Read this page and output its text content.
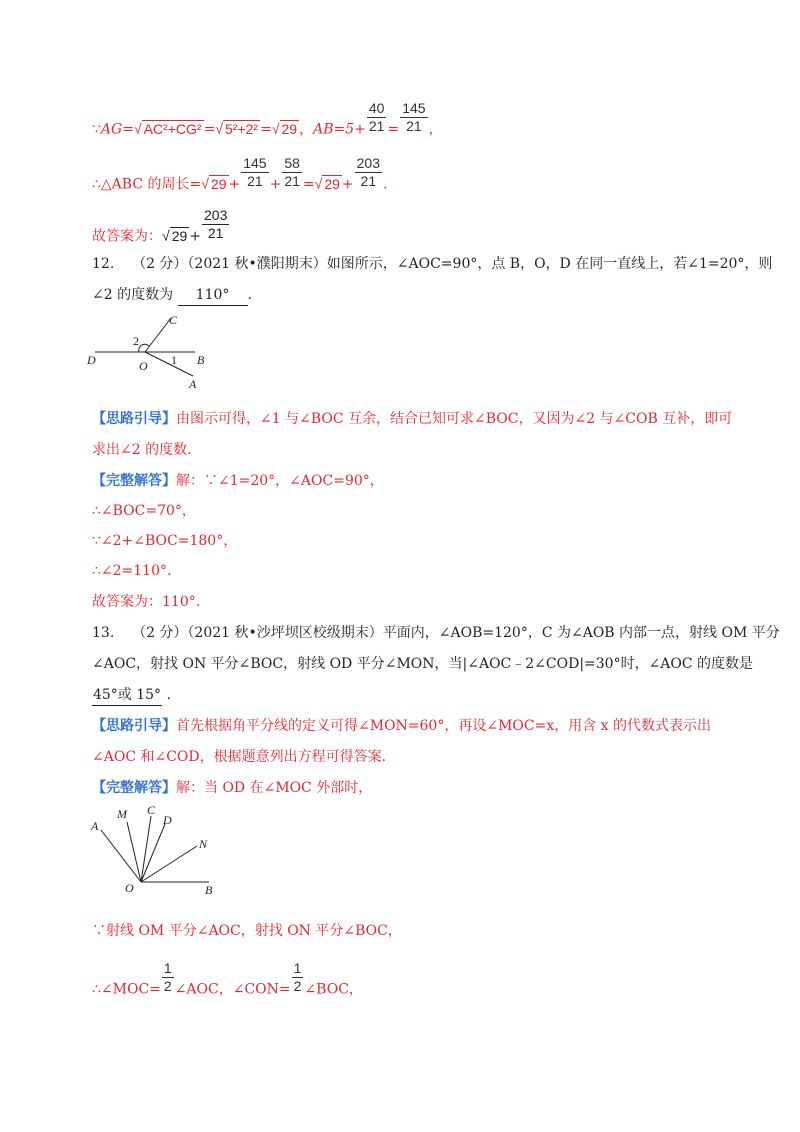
∵AG=√ AC²+CG² =√ 5²+2² =√ 29 ，$AB=5+ \frac{40}{21} = \frac{145}{21}$ ，
∴△ABC 的周长=√ $29 + \frac{145}{21} + \frac{58}{21}$ =√ $29 + \frac{203}{21}$ .
故答案为：√ $29 + \frac{203}{21}$
12. （2 分）（2021 秋•濮阳期末）如图所示，∠AOC=90°，点 B，O，D 在同一直线上，若∠1=20°，则
∠2 的度数为 110° .
C
2
D	O 1 B
A
【思路引导】由图示可得，∠1 与∠BOC 互余，结合已知可求∠BOC，又因为∠2 与∠COB 互补，即可
求出∠2 的度数.
【完整解答】解：∵∠1=20°，∠AOC=90°，
∴∠BOC=70°，
∵∠2+∠BOC=180°，
∴∠2=110°.
故答案为：110°.
13. （2 分）（2021 秋•沙坪坝区校级期末）平面内，∠AOB=120°，C 为∠AOB 内部一点，射线 OM 平分
∠AOC，射找 ON 平分∠BOC，射线 OD 平分∠MON，当|∠AOC﹣2∠COD|=30°时，∠AOC 的度数是
45°或 15° .
【思路引导】首先根据角平分线的定义可得∠MON=60°，再设∠MOC=x，用含 x 的代数式表示出
∠AOC 和∠COD，根据题意列出方程可得答案.
【完整解答】解：当 OD 在∠MOC 外部时，
A
M C
D
N
O	B
∵射线 OM 平分∠AOC，射找 ON 平分∠BOC，
∴∠MOC= $\frac{1}{2}$ ∠AOC，∠CON= $\frac{1}{2}$ ∠BOC，
